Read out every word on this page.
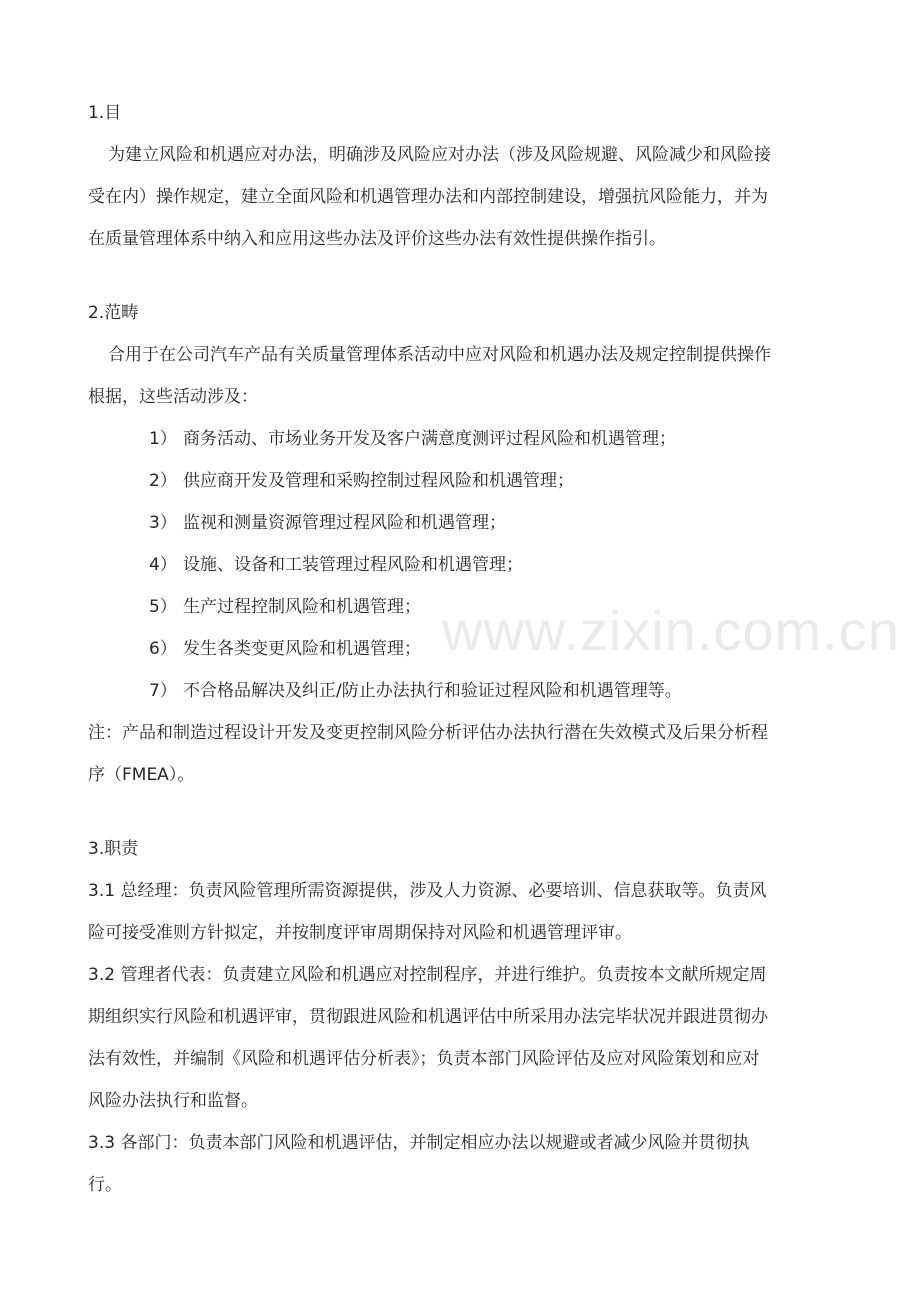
1.目

为建立风险和机遇应对办法，明确涉及风险应对办法（涉及风险规避、风险减少和风险接

受在内）操作规定，建立全面风险和机遇管理办法和内部控制建设，增强抗风险能力，并为

在质量管理体系中纳入和应用这些办法及评价这些办法有效性提供操作指引。

2.范畴

合用于在公司汽车产品有关质量管理体系活动中应对风险和机遇办法及规定控制提供操作

根据，这些活动涉及：

1） 商务活动、市场业务开发及客户满意度测评过程风险和机遇管理；

2） 供应商开发及管理和采购控制过程风险和机遇管理；

3） 监视和测量资源管理过程风险和机遇管理；

4） 设施、设备和工装管理过程风险和机遇管理；

5） 生产过程控制风险和机遇管理；

6） 发生各类变更风险和机遇管理；

7） 不合格品解决及纠正/防止办法执行和验证过程风险和机遇管理等。

注：产品和制造过程设计开发及变更控制风险分析评估办法执行潜在失效模式及后果分析程

序（FMEA）。

3.职责

3.1 总经理：负责风险管理所需资源提供，涉及人力资源、必要培训、信息获取等。负责风

险可接受准则方针拟定，并按制度评审周期保持对风险和机遇管理评审。

3.2 管理者代表：负责建立风险和机遇应对控制程序，并进行维护。负责按本文献所规定周

期组织实行风险和机遇评审，贯彻跟进风险和机遇评估中所采用办法完毕状况并跟进贯彻办

法有效性，并编制《风险和机遇评估分析表》；负责本部门风险评估及应对风险策划和应对

风险办法执行和监督。

3.3 各部门：负责本部门风险和机遇评估，并制定相应办法以规避或者减少风险并贯彻执

行。

www.zixin.com.cn
